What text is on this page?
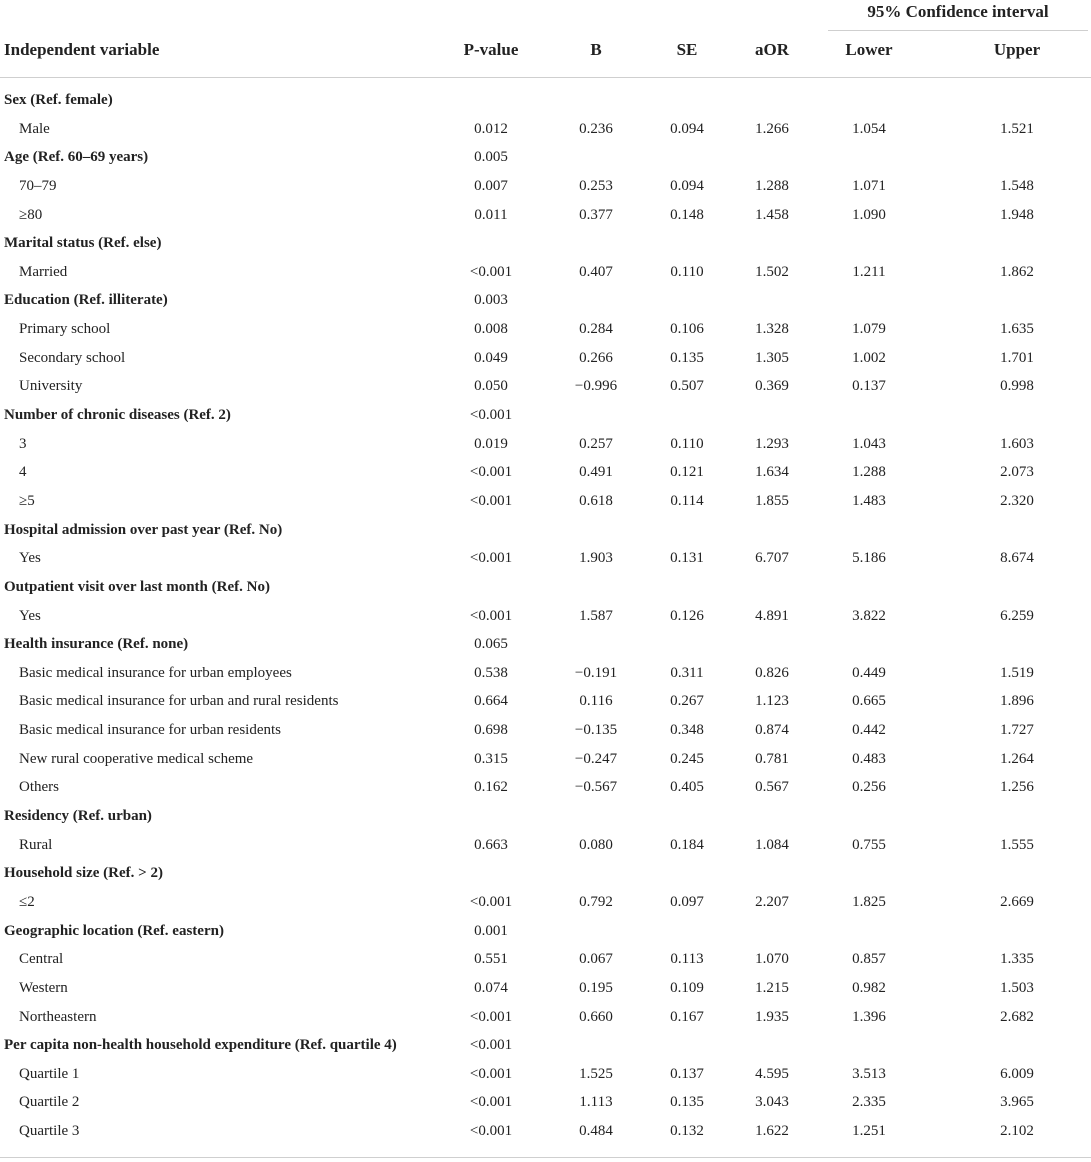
95% Confidence interval
Independent variable	P-value	B	SE	aOR	Lower	Upper
Sex (Ref. female)
Male	0.012	0.236	0.094	1.266	1.054	1.521
Age (Ref. 60–69 years)	0.005
70–79	0.007	0.253	0.094	1.288	1.071	1.548
≥80	0.011	0.377	0.148	1.458	1.090	1.948
Marital status (Ref. else)
Married	<0.001	0.407	0.110	1.502	1.211	1.862
Education (Ref. illiterate)	0.003
Primary school	0.008	0.284	0.106	1.328	1.079	1.635
Secondary school	0.049	0.266	0.135	1.305	1.002	1.701
University	0.050	−0.996	0.507	0.369	0.137	0.998
Number of chronic diseases (Ref. 2)	<0.001
3	0.019	0.257	0.110	1.293	1.043	1.603
4	<0.001	0.491	0.121	1.634	1.288	2.073
≥5	<0.001	0.618	0.114	1.855	1.483	2.320
Hospital admission over past year (Ref. No)
Yes	<0.001	1.903	0.131	6.707	5.186	8.674
Outpatient visit over last month (Ref. No)
Yes	<0.001	1.587	0.126	4.891	3.822	6.259
Health insurance (Ref. none)	0.065
Basic medical insurance for urban employees	0.538	−0.191	0.311	0.826	0.449	1.519
Basic medical insurance for urban and rural residents	0.664	0.116	0.267	1.123	0.665	1.896
Basic medical insurance for urban residents	0.698	−0.135	0.348	0.874	0.442	1.727
New rural cooperative medical scheme	0.315	−0.247	0.245	0.781	0.483	1.264
Others	0.162	−0.567	0.405	0.567	0.256	1.256
Residency (Ref. urban)
Rural	0.663	0.080	0.184	1.084	0.755	1.555
Household size (Ref. > 2)
≤2	<0.001	0.792	0.097	2.207	1.825	2.669
Geographic location (Ref. eastern)	0.001
Central	0.551	0.067	0.113	1.070	0.857	1.335
Western	0.074	0.195	0.109	1.215	0.982	1.503
Northeastern	<0.001	0.660	0.167	1.935	1.396	2.682
Per capita non-health household expenditure (Ref. quartile 4)	<0.001
Quartile 1	<0.001	1.525	0.137	4.595	3.513	6.009
Quartile 2	<0.001	1.113	0.135	3.043	2.335	3.965
Quartile 3	<0.001	0.484	0.132	1.622	1.251	2.102
